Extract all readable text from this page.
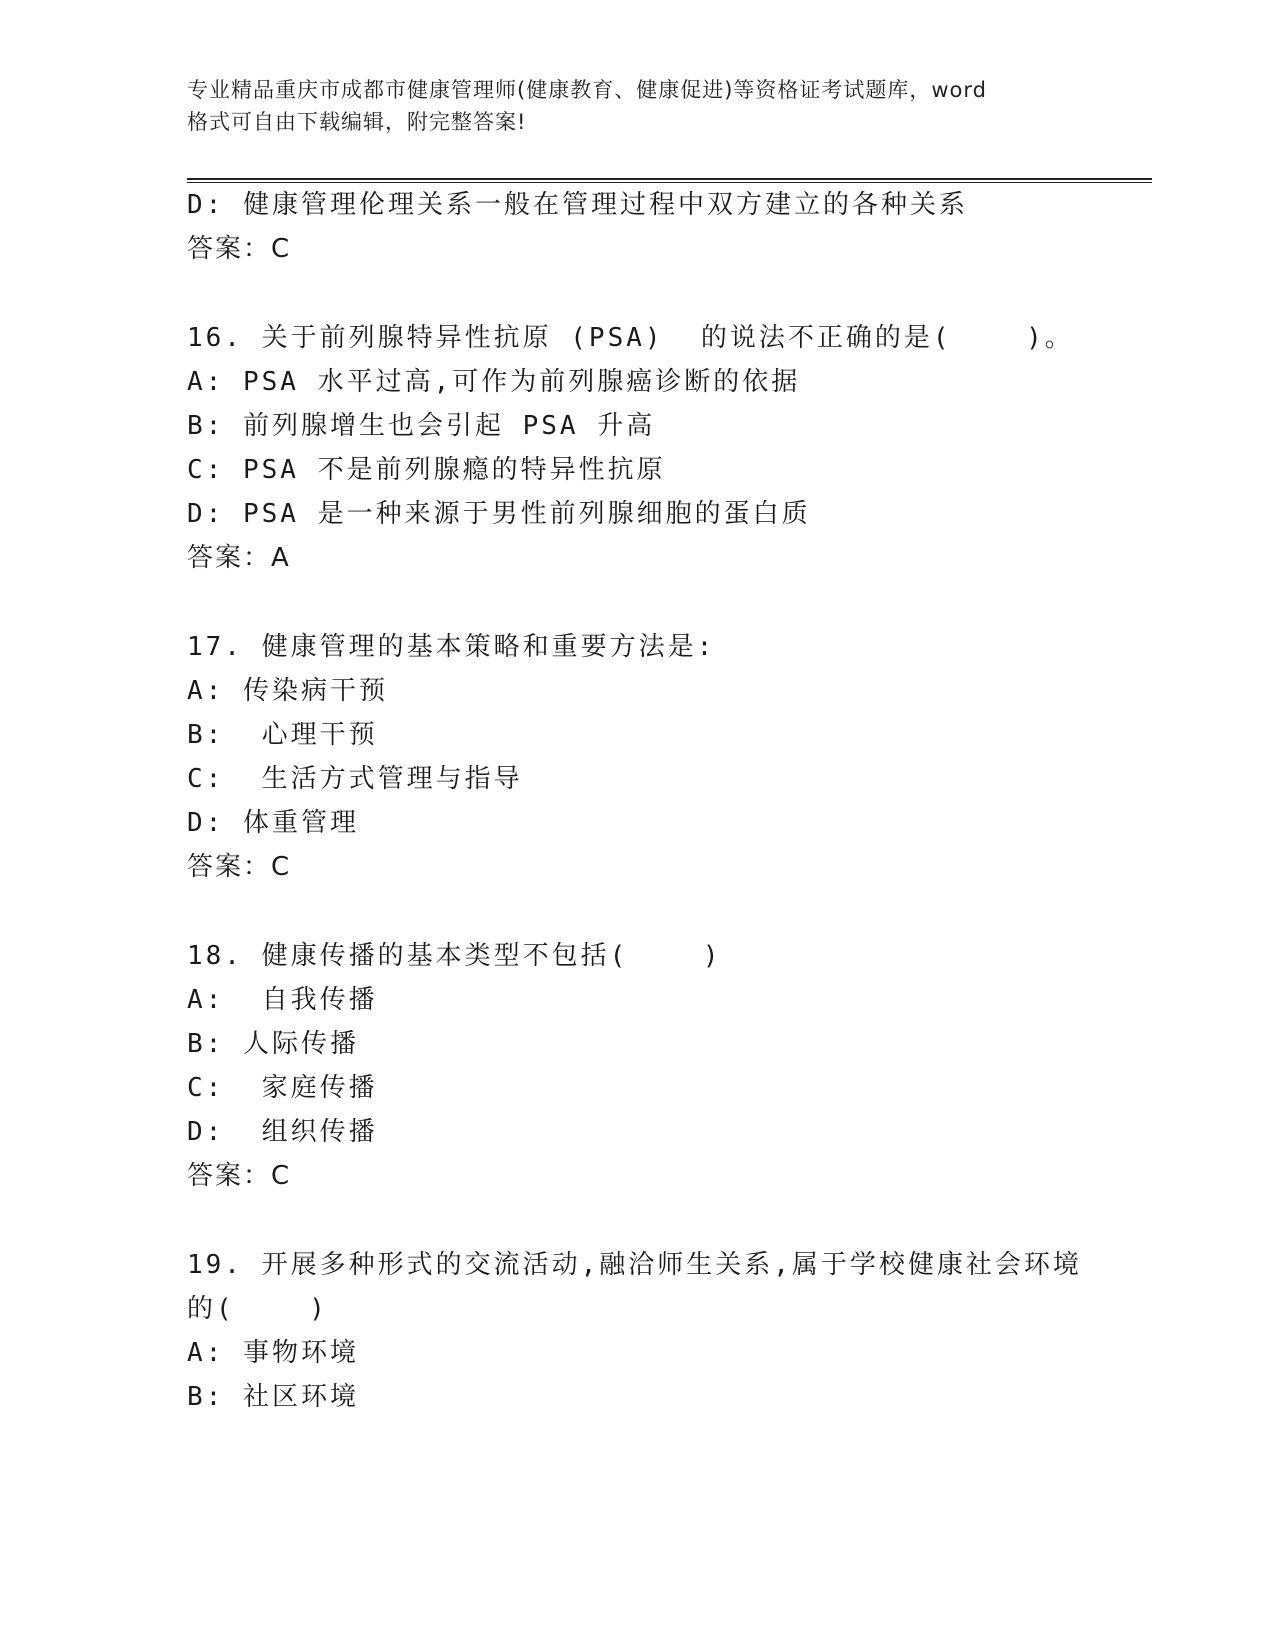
专业精品重庆市成都市健康管理师(健康教育、健康促进)等资格证考试题库，word
格式可自由下载编辑，附完整答案!
D: 健康管理伦理关系一般在管理过程中双方建立的各种关系
答案：C
16. 关于前列腺特异性抗原 (PSA)  的说法不正确的是(    )。
A: PSA 水平过高,可作为前列腺癌诊断的依据
B: 前列腺增生也会引起 PSA 升高
C: PSA 不是前列腺瘾的特异性抗原
D: PSA 是一种来源于男性前列腺细胞的蛋白质
答案：A
17. 健康管理的基本策略和重要方法是:
A: 传染病干预
B:  心理干预
C:  生活方式管理与指导
D: 体重管理
答案：C
18. 健康传播的基本类型不包括(    )
A:  自我传播
B: 人际传播
C:  家庭传播
D:  组织传播
答案：C
19. 开展多种形式的交流活动,融洽师生关系,属于学校健康社会环境
的(    )
A: 事物环境
B: 社区环境
